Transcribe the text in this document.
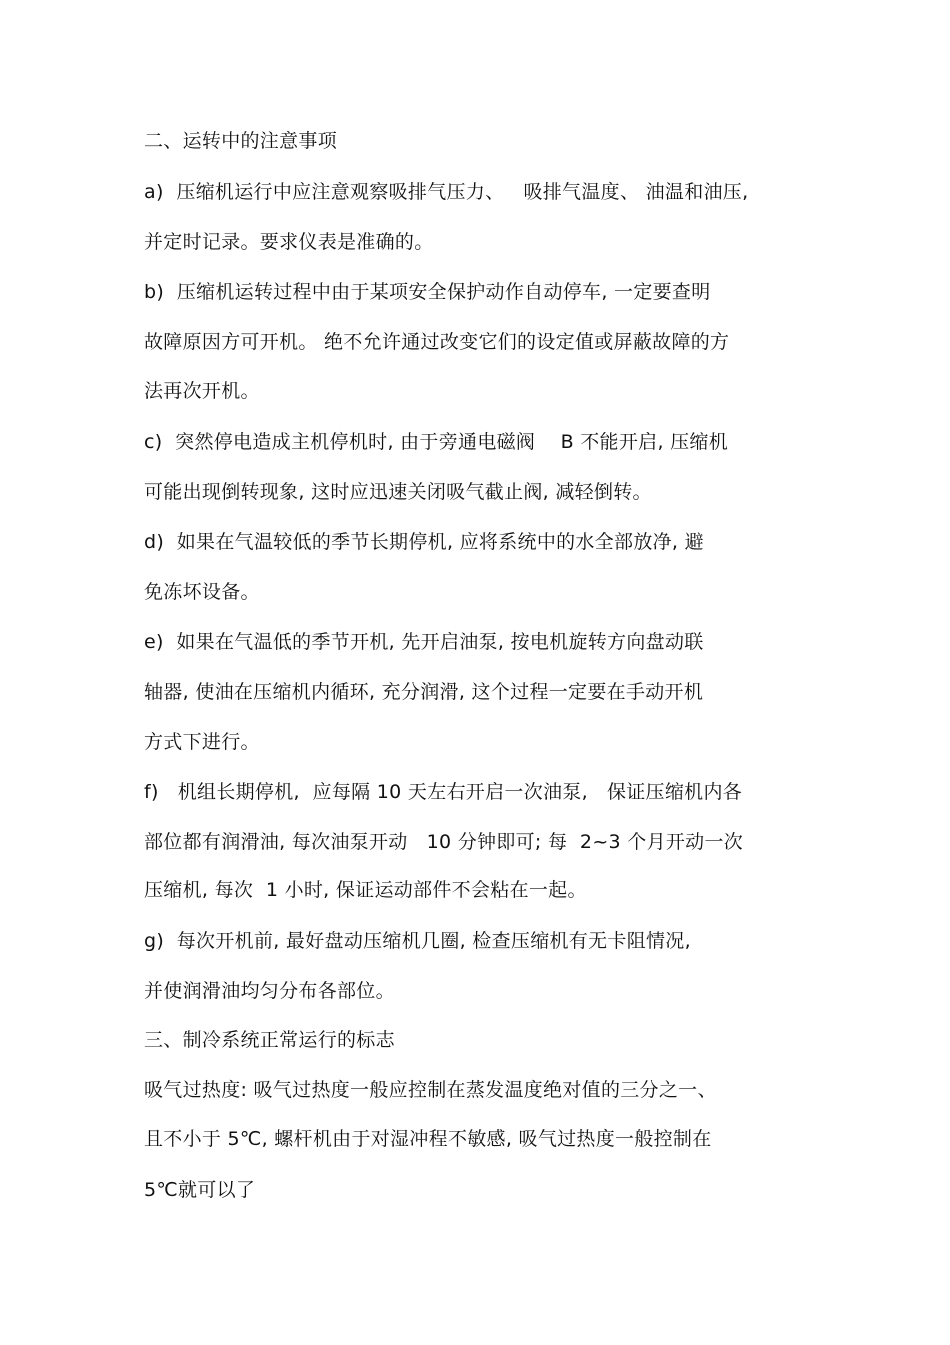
二、运转中的注意事项
a)  压缩机运行中应注意观察吸排气压力、   吸排气温度、 油温和油压,
并定时记录。要求仪表是准确的。
b)  压缩机运转过程中由于某项安全保护动作自动停车, 一定要查明
故障原因方可开机。 绝不允许通过改变它们的设定值或屏蔽故障的方
法再次开机。
c)  突然停电造成主机停机时, 由于旁通电磁阀    B 不能开启, 压缩机
可能出现倒转现象, 这时应迅速关闭吸气截止阀, 减轻倒转。
d)  如果在气温较低的季节长期停机, 应将系统中的水全部放净, 避
免冻坏设备。
e)  如果在气温低的季节开机, 先开启油泵, 按电机旋转方向盘动联
轴器, 使油在压缩机内循环, 充分润滑, 这个过程一定要在手动开机
方式下进行。
f)   机组长期停机,  应每隔 10 天左右开启一次油泵,   保证压缩机内各
部位都有润滑油, 每次油泵开动   10 分钟即可; 每  2~3 个月开动一次
压缩机, 每次  1 小时, 保证运动部件不会粘在一起。
g)  每次开机前, 最好盘动压缩机几圈, 检查压缩机有无卡阻情况,
并使润滑油均匀分布各部位。
三、制冷系统正常运行的标志
吸气过热度: 吸气过热度一般应控制在蒸发温度绝对值的三分之一、
且不小于 5℃, 螺杆机由于对湿冲程不敏感, 吸气过热度一般控制在
5℃就可以了
